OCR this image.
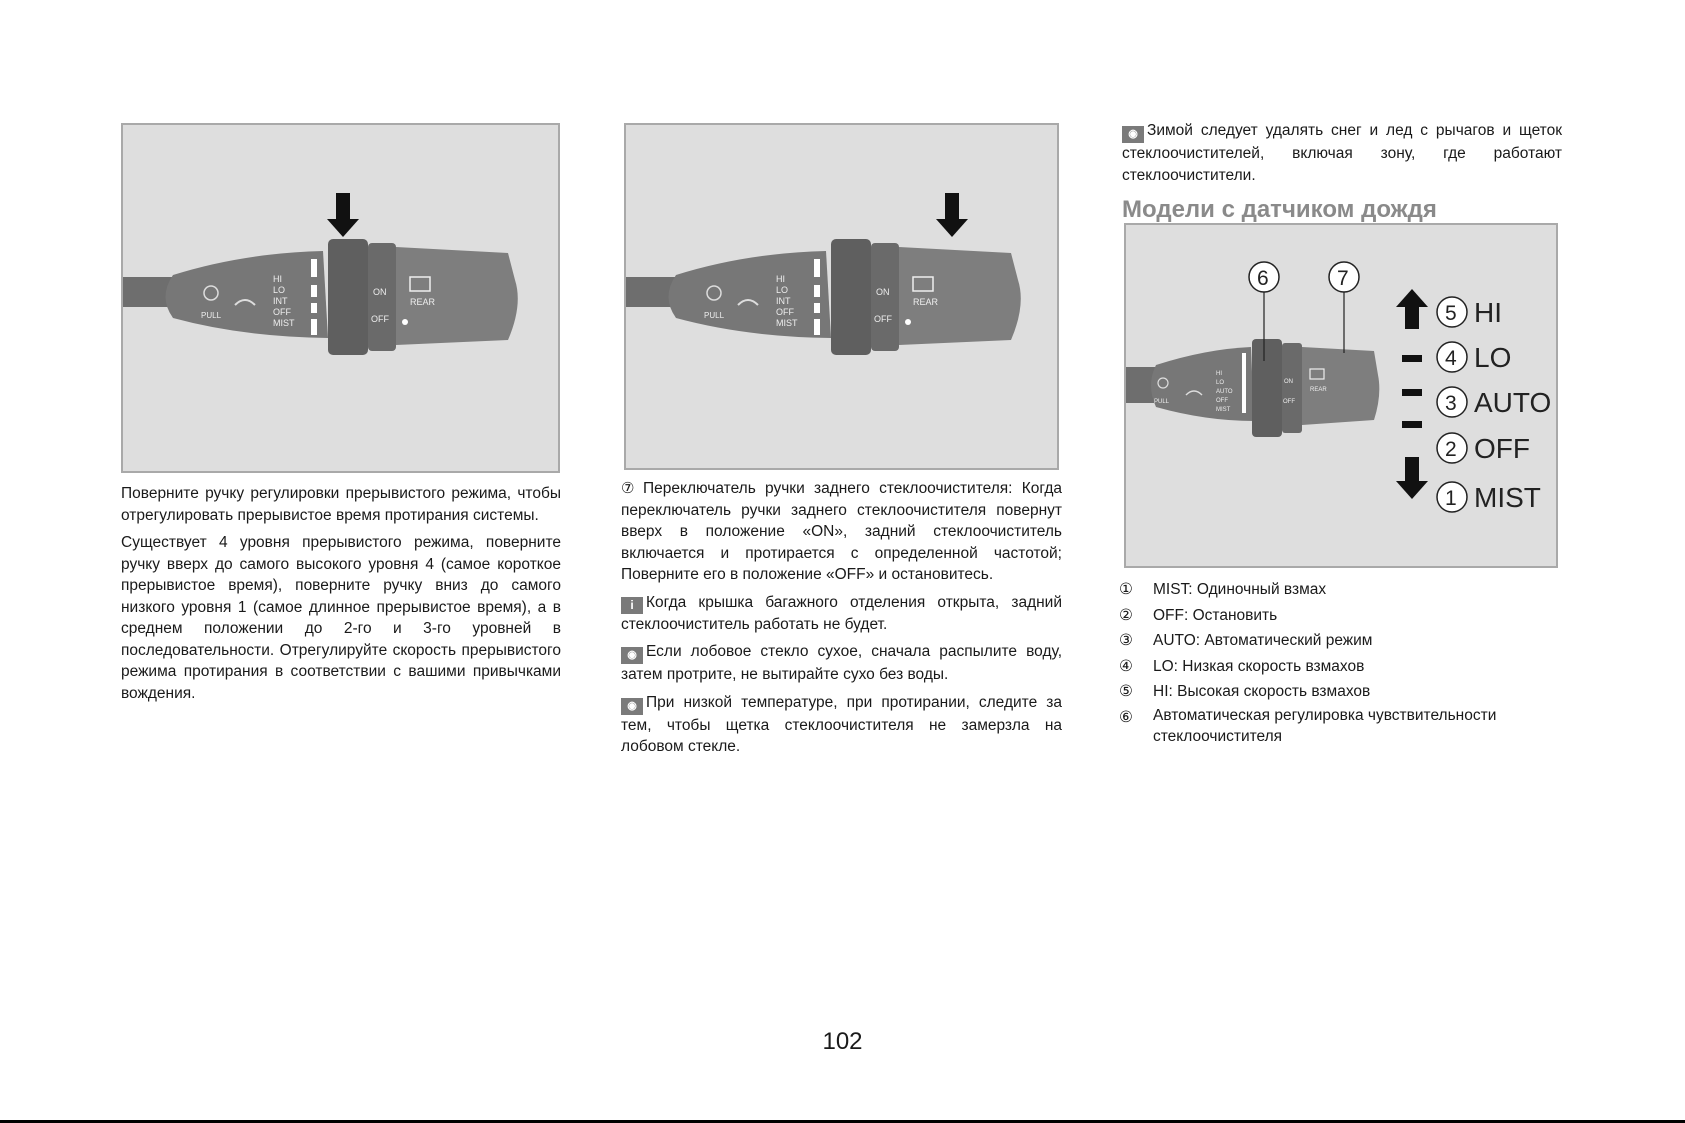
PULL
HI
LO
INT
OFF
MIST
ON
OFF
REAR

Поверните ручку регулировки прерывистого режима, чтобы отрегулировать прерывистое время протирания системы.

Существует 4 уровня прерывистого режима, поверните ручку вверх до самого высокого уровня 4 (самое короткое прерывистое время), поверните ручку вниз до самого низкого уровня 1 (самое длинное прерывистое время), а в среднем положении до 2-го и 3-го уровней в последовательности. Отрегулируйте скорость прерывистого режима протирания в соответствии с вашими привычками вождения.

PULL
HI
LO
INT
OFF
MIST
ON
OFF
REAR

⑦ Переключатель ручки заднего стеклоочистителя: Когда переключатель ручки заднего стеклоочистителя повернут вверх в положение «ON», задний стеклоочиститель включается и протирается с определенной частотой; Поверните его в положение «OFF» и остановитесь.

i Когда крышка багажного отделения открыта, задний стеклоочиститель работать не будет.

◉ Если лобовое стекло сухое, сначала распылите воду, затем протрите, не вытирайте сухо без воды.

◉ При низкой температуре, при протирании, следите за тем, чтобы щетка стеклоочистителя не замерзла на лобовом стекле.

◉ Зимой следует удалять снег и лед с рычагов и щеток стеклоочистителей, включая зону, где работают стеклоочистители.

Модели с датчиком дождя
PULL
HI
LO
AUTO
OFF
MIST
ON
OFF
REAR
6	7
5 HI
4 LO
3 AUTO
2 OFF
1 MIST
①	MIST: Одиночный взмах
②	OFF: Остановить
③	AUTO: Автоматический режим
④	LO: Низкая скорость взмахов
⑤	HI: Высокая скорость взмахов
⑥	Автоматическая регулировка чувствительности стеклоочистителя
102
